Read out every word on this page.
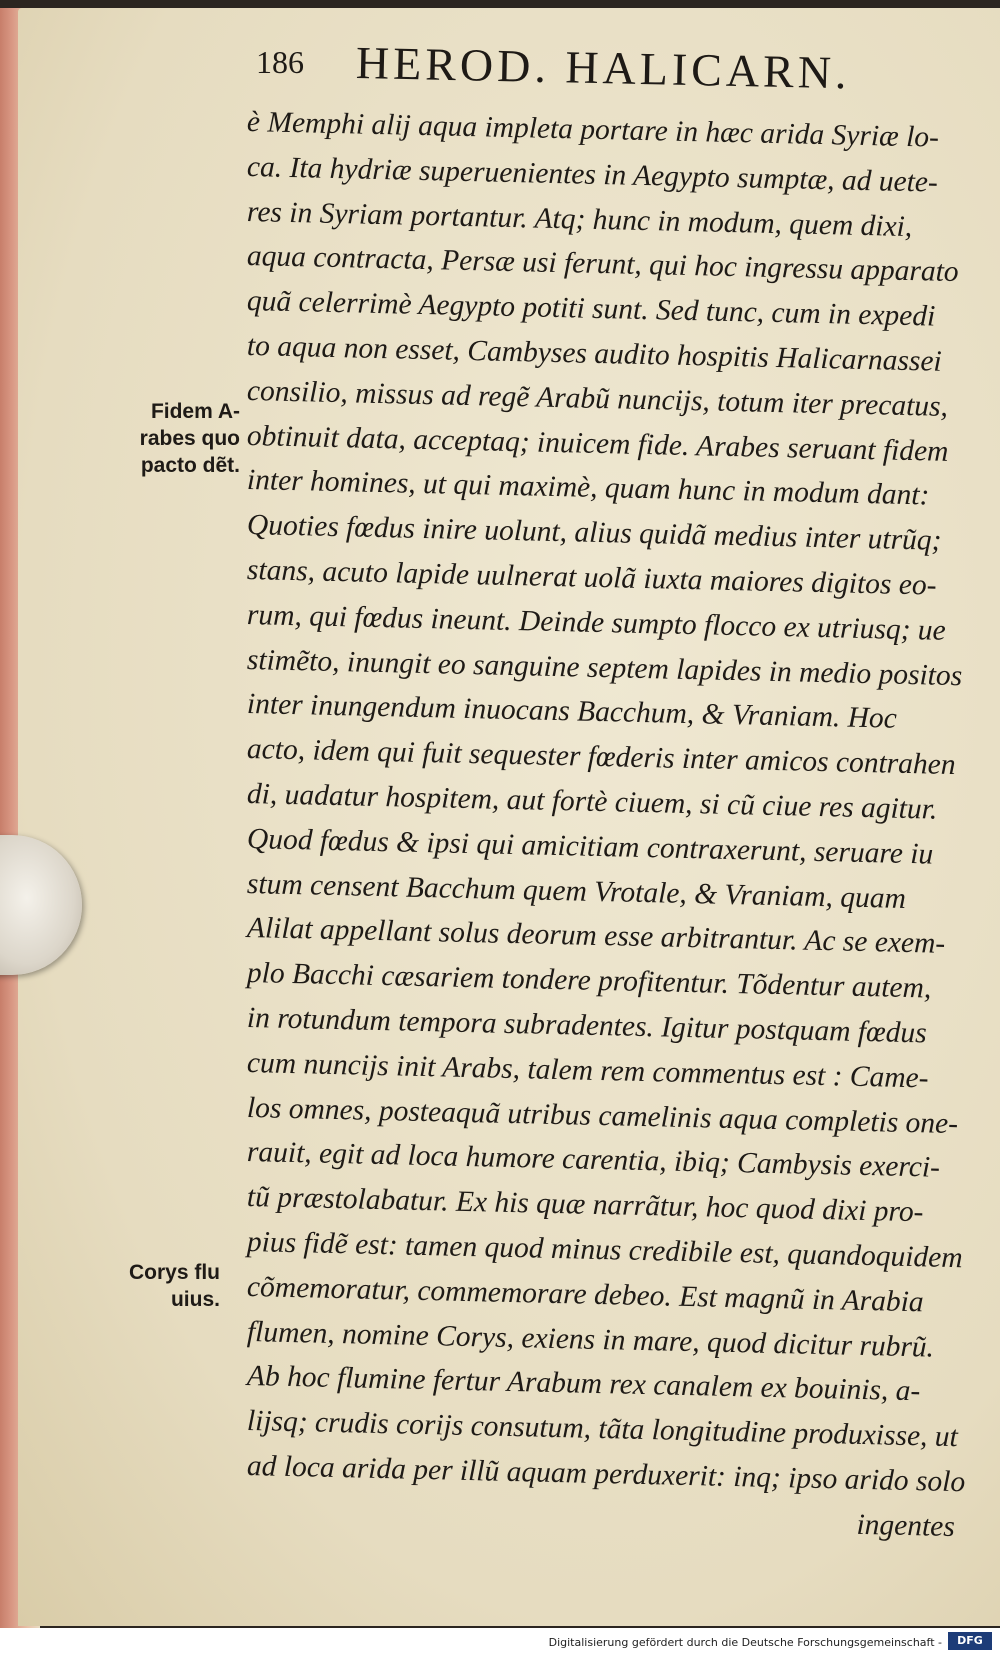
186 HEROD. HALICARN.
è Memphi alij aqua impleta portare in hæc arida Syriæ lo-
ca. Ita hydriæ superuenientes in Aegypto sumptæ, ad uete-
res in Syriam portantur. Atq; hunc in modum, quem dixi,
aqua contracta, Persæ usi ferunt, qui hoc ingressu apparato
quã celerrimè Aegypto potiti sunt. Sed tunc, cum in expedi
to aqua non esset, Cambyses audito hospitis Halicarnassei
consilio, missus ad regẽ Arabũ nuncijs, totum iter precatus,
obtinuit data, acceptaq; inuicem fide. Arabes seruant fidem
inter homines, ut qui maximè, quam hunc in modum dant:
Quoties fœdus inire uolunt, alius quidã medius inter utrũq;
stans, acuto lapide uulnerat uolã iuxta maiores digitos eo-
rum, qui fœdus ineunt. Deinde sumpto flocco ex utriusq; ue
stimẽto, inungit eo sanguine septem lapides in medio positos
inter inungendum inuocans Bacchum, & Vraniam. Hoc
acto, idem qui fuit sequester fœderis inter amicos contrahen
di, uadatur hospitem, aut fortè ciuem, si cũ ciue res agitur.
Quod fœdus & ipsi qui amicitiam contraxerunt, seruare iu
stum censent Bacchum quem Vrotale, & Vraniam, quam
Alilat appellant solus deorum esse arbitrantur. Ac se exem-
plo Bacchi cæsariem tondere profitentur. Tõdentur autem,
in rotundum tempora subradentes. Igitur postquam fœdus
cum nuncijs init Arabs, talem rem commentus est : Came-
los omnes, posteaquã utribus camelinis aqua completis one-
rauit, egit ad loca humore carentia, ibiq; Cambysis exerci-
tũ præstolabatur. Ex his quæ narrãtur, hoc quod dixi pro-
pius fidẽ est: tamen quod minus credibile est, quandoquidem
cõmemoratur, commemorare debeo. Est magnũ in Arabia
flumen, nomine Corys, exiens in mare, quod dicitur rubrũ.
Ab hoc flumine fertur Arabum rex canalem ex bouinis, a-
lijsq; crudis corijs consutum, tãta longitudine produxisse, ut
ad loca arida per illũ aquam perduxerit: inq; ipso arido solo
ingentes
Fidem A-
rabes quo
pacto dẽt.
Corys flu
uius.
Digitalisierung gefördert durch die Deutsche Forschungsgemeinschaft -	DFG
